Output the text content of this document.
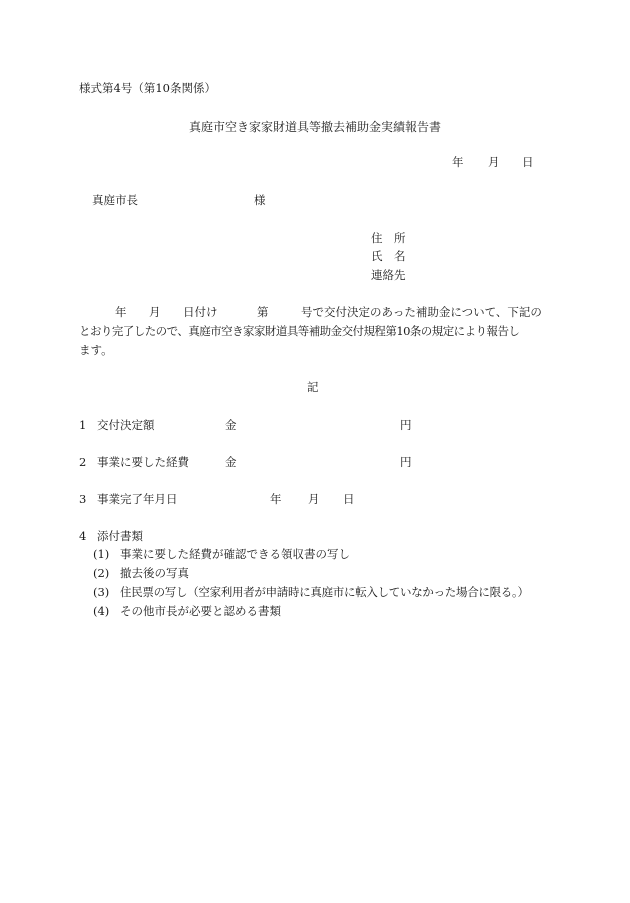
様式第4号（第10条関係）
真庭市空き家家財道具等撤去補助金実績報告書
年 月 日
真庭市長	様
住　所
氏　名
連絡先
年 月 日付け	第	号で交付決定のあった補助金について、下記の
とおり完了したので、真庭市空き家家財道具等補助金交付規程第10条の規定により報告し
ます。
記
1 交付決定額	金	円
2 事業に要した経費	金	円
3 事業完了年月日	年 月 日
4 添付書類
(1) 事業に要した経費が確認できる領収書の写し
(2) 撤去後の写真
(3) 住民票の写し（空家利用者が申請時に真庭市に転入していなかった場合に限る。）
(4) その他市長が必要と認める書類
